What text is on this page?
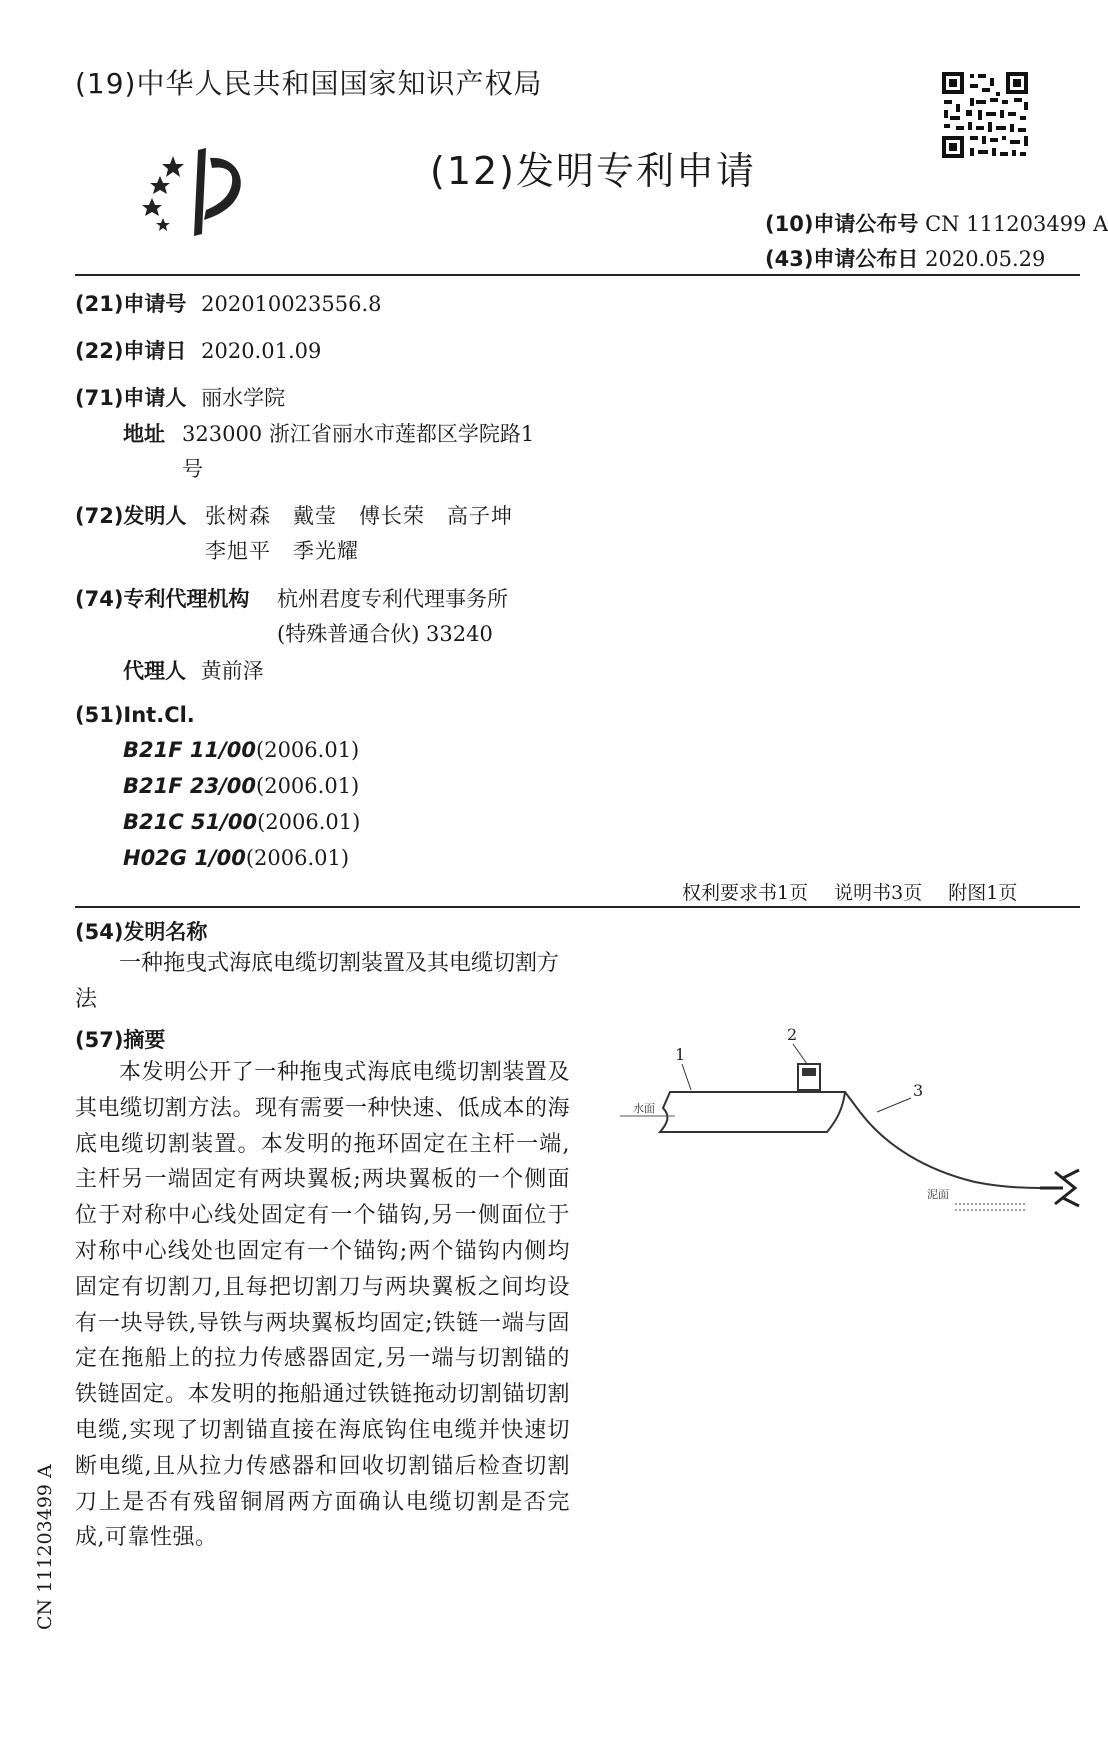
(19)中华人民共和国国家知识产权局
(12)发明专利申请
(10)申请公布号 CN 111203499 A
(43)申请公布日 2020.05.29
(21)申请号 202010023556.8
(22)申请日 2020.01.09
(71)申请人 丽水学院
地址 323000 浙江省丽水市莲都区学院路1
号
(72)发明人 张树森　戴莹　傅长荣　高子坤
李旭平　季光耀
(74)专利代理机构 杭州君度专利代理事务所
(特殊普通合伙) 33240
代理人 黄前泽
(51)Int.Cl.
B21F 11/00(2006.01)
B21F 23/00(2006.01)
B21C 51/00(2006.01)
H02G 1/00(2006.01)
权利要求书1页 说明书3页 附图1页
(54)发明名称
一种拖曳式海底电缆切割装置及其电缆切割方法
(57)摘要
本发明公开了一种拖曳式海底电缆切割装置及其电缆切割方法。现有需要一种快速、低成本的海底电缆切割装置。本发明的拖环固定在主杆一端,主杆另一端固定有两块翼板;两块翼板的一个侧面位于对称中心线处固定有一个锚钩,另一侧面位于对称中心线处也固定有一个锚钩;两个锚钩内侧均固定有切割刀,且每把切割刀与两块翼板之间均设有一块导铁,导铁与两块翼板均固定;铁链一端与固定在拖船上的拉力传感器固定,另一端与切割锚的铁链固定。本发明的拖船通过铁链拖动切割锚切割电缆,实现了切割锚直接在海底钩住电缆并快速切断电缆,且从拉力传感器和回收切割锚后检查切割刀上是否有残留铜屑两方面确认电缆切割是否完成,可靠性强。
水面
2
1
3
泥面
CN 111203499 A
